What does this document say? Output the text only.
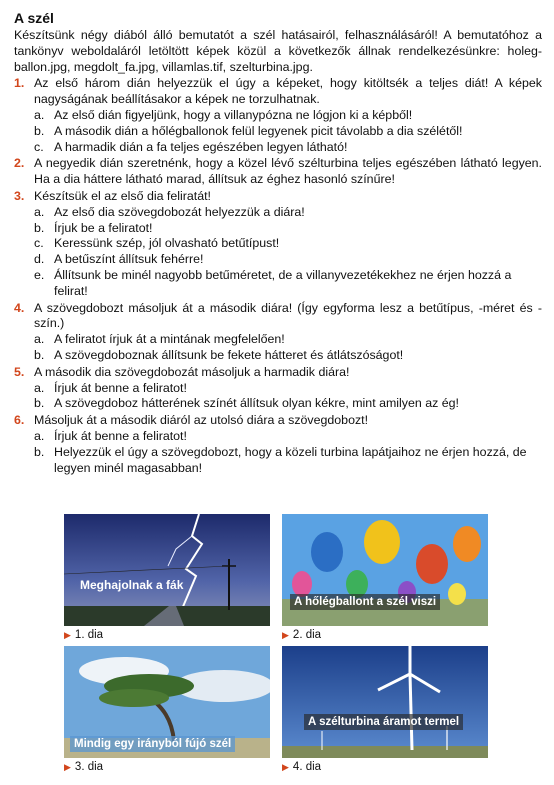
A szél

Készítsünk négy diából álló bemutatót a szél hatásairól, felhasználásáról! A bemutatóhoz a tankönyv weboldaláról letöltött képek közül a következők állnak rendelkezésünkre: holeg-ballon.jpg, megdolt_fa.jpg, villamlas.tif, szelturbina.jpg.

1. Az első három dián helyezzük el úgy a képeket, hogy kitöltsék a teljes diát! A képek nagyságának beállításakor a képek ne torzulhatnak.
a. Az első dián figyeljünk, hogy a villanypózna ne lógjon ki a képből!
b. A második dián a hőlégballonok felül legyenek picit távolabb a dia szélétől!
c. A harmadik dián a fa teljes egészében legyen látható!
2. A negyedik dián szeretnénk, hogy a közel lévő szélturbina teljes egészében látható legyen. Ha a dia háttere látható marad, állítsuk az éghez hasonló színűre!
3. Készítsük el az első dia feliratát!
a. Az első dia szövegdobozát helyezzük a diára!
b. Írjuk be a feliratot!
c. Keressünk szép, jól olvasható betűtípust!
d. A betűszínt állítsuk fehérre!
e. Állítsunk be minél nagyobb betűméretet, de a villanyvezetékekhez ne érjen hozzá a felirat!
4. A szövegdobozt másoljuk át a második diára! (Így egyforma lesz a betűtípus, -méret és -szín.)
a. A feliratot írjuk át a mintának megfelelően!
b. A szövegdoboznak állítsunk be fekete hátteret és átlátszóságot!
5. A második dia szövegdobozát másoljuk a harmadik diára!
a. Írjuk át benne a feliratot!
b. A szövegdoboz hátterének színét állítsuk olyan kékre, mint amilyen az ég!
6. Másoljuk át a második diáról az utolsó diára a szövegdobozt!
a. Írjuk át benne a feliratot!
b. Helyezzük el úgy a szövegdobozt, hogy a közeli turbina lapátjaihoz ne érjen hozzá, de legyen minél magasabban!
Meghajolnak a fák
▶ 1. dia
A hőlégballont a szél viszi
▶ 2. dia
Mindig egy irányból fújó szél
▶ 3. dia
A szélturbina áramot termel
▶ 4. dia
